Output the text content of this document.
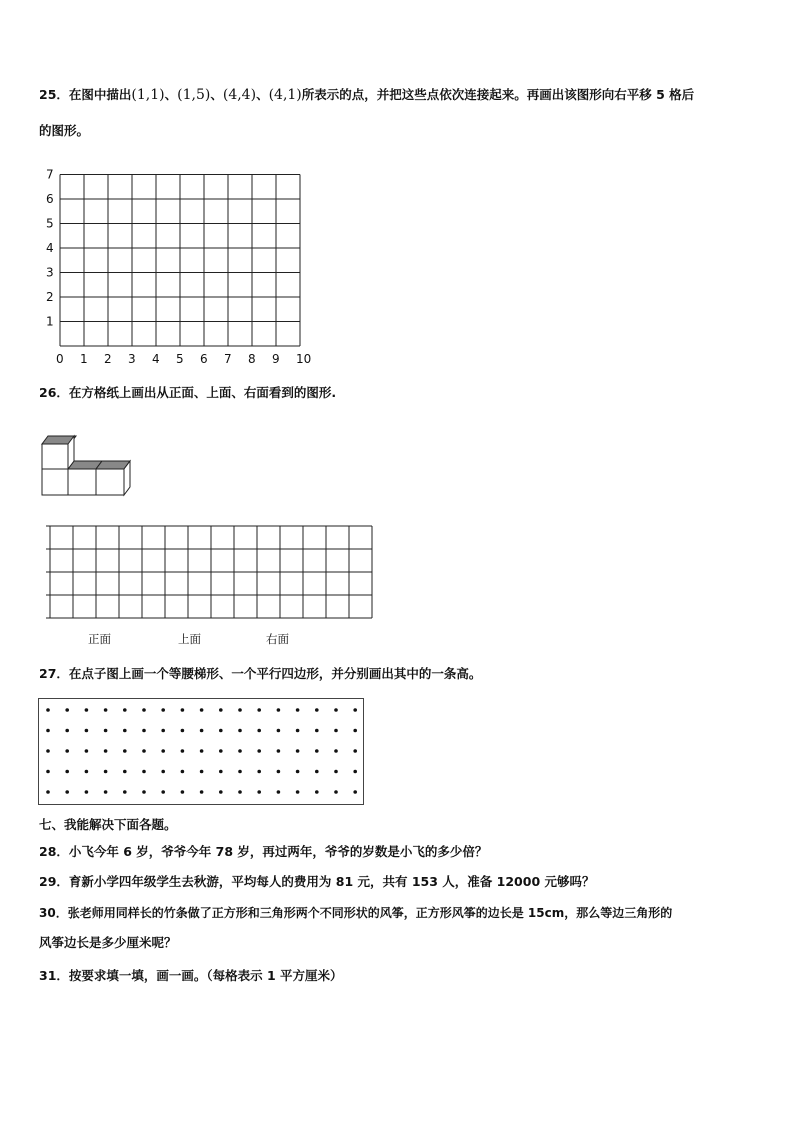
25．在图中描出(1,1)、(1,5)、(4,4)、(4,1)所表示的点，并把这些点依次连接起来。再画出该图形向右平移 5 格后
的图形。
1
2
3
4
5
6
7
0 1 2 3 4 5 6 7 8 9 10
26．在方格纸上画出从正面、上面、右面看到的图形.
正面	上面	右面
27．在点子图上画一个等腰梯形、一个平行四边形，并分别画出其中的一条高。
七、我能解决下面各题。
28．小飞今年 6 岁，爷爷今年 78 岁，再过两年，爷爷的岁数是小飞的多少倍？
29．育新小学四年级学生去秋游，平均每人的费用为 81 元，共有 153 人，准备 12000 元够吗？
30．张老师用同样长的竹条做了正方形和三角形两个不同形状的风筝，正方形风筝的边长是 15cm，那么等边三角形的
风筝边长是多少厘米呢？
31．按要求填一填，画一画。（每格表示 1 平方厘米）
